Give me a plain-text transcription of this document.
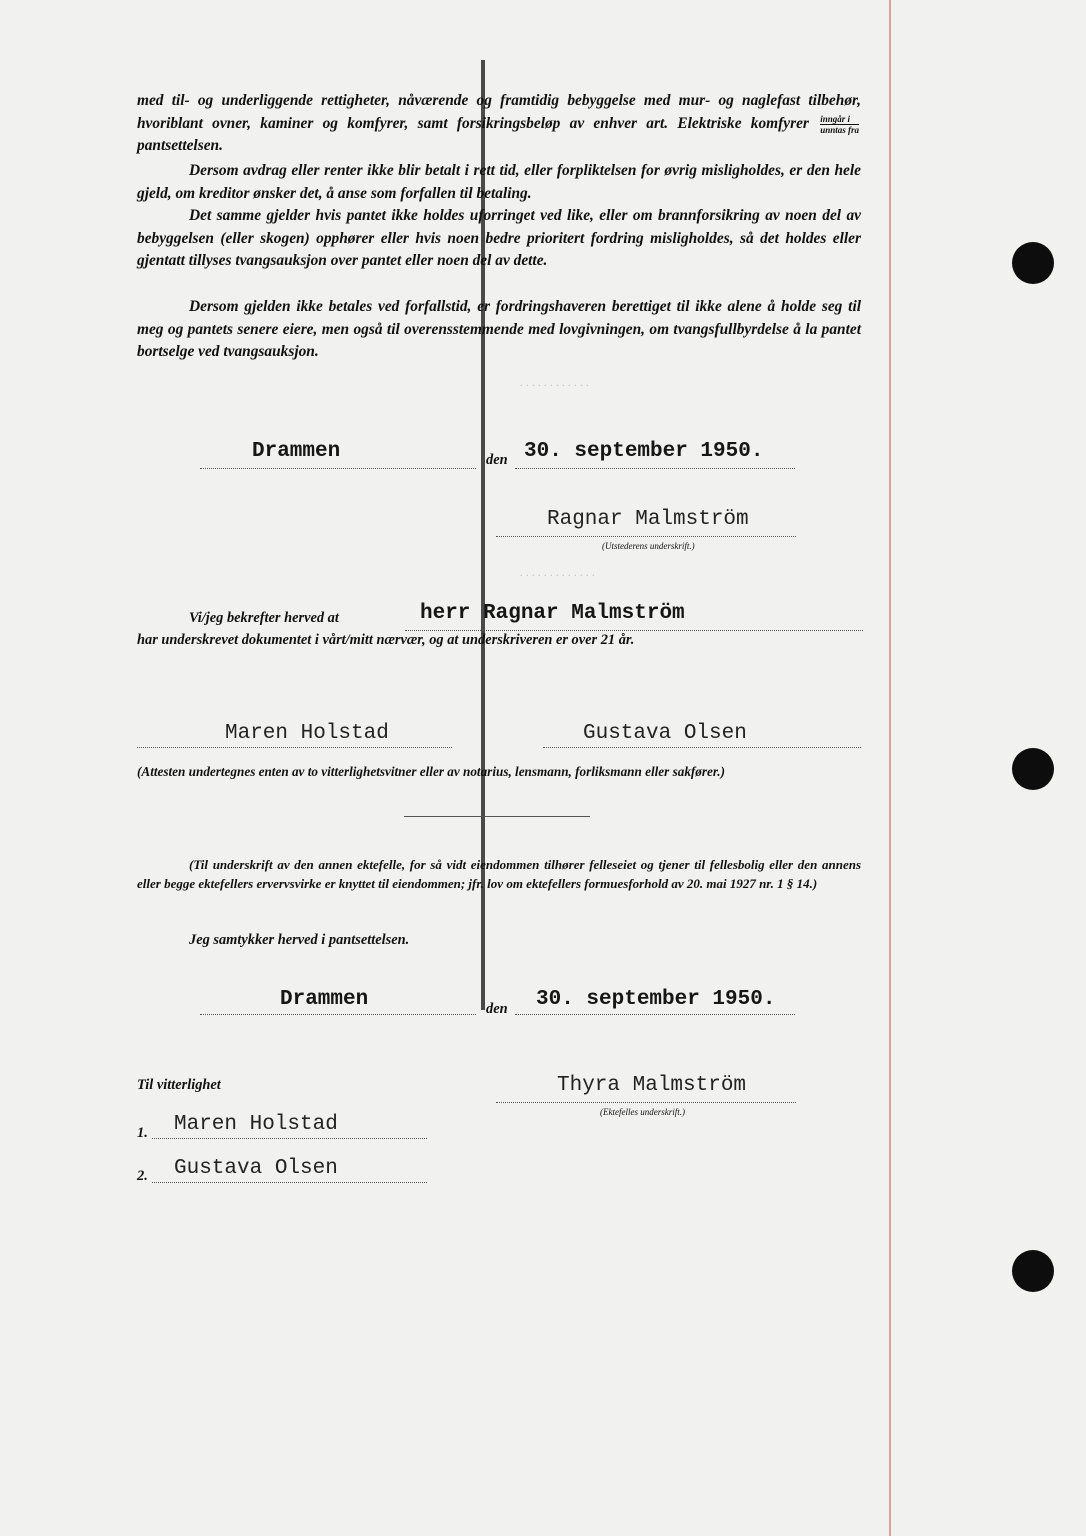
. . . . . . . . . . . .
. . . . . . . . . . . . .

med til- og underliggende rettigheter, nåværende og framtidig bebyggelse med mur- og naglefast tilbehør, hvoriblant ovner, kaminer og komfyrer, samt forsikringsbeløp av enhver art. Elektriske komfyrer $\frac{\text{inngår i}}{\text{unntas fra}}$
pantsettelsen.

Dersom avdrag eller renter ikke blir betalt i rett tid, eller forpliktelsen for øvrig misligholdes, er den hele gjeld, om kreditor ønsker det, å anse som forfallen til betaling.

Det samme gjelder hvis pantet ikke holdes uforringet ved like, eller om brannforsikring av noen del av bebyggelsen (eller skogen) opphører eller hvis noen bedre prioritert fordring misligholdes, så det holdes eller gjentatt tillyses tvangsauksjon over pantet eller noen del av dette.

Dersom gjelden ikke betales ved forfallstid, er fordringshaveren berettiget til ikke alene å holde seg til meg og pantets senere eiere, men også til overensstemmende med lovgivningen, om tvangsfullbyrdelse å la pantet bortselge ved tvangsauksjon.

Drammen	den 30. september 1950.
Ragnar Malmström
(Utstederens underskrift.)
Vi/jeg bekrefter herved at	herr Ragnar Malmström
har underskrevet dokumentet i vårt/mitt nærvær, og at underskriveren er over 21 år.
Maren Holstad	Gustava Olsen
(Attesten undertegnes enten av to vitterlighetsvitner eller av notarius, lensmann, forliksmann eller sakfører.)

(Til underskrift av den annen ektefelle, for så vidt eiendommen tilhører felleseiet og tjener til fellesbolig eller den annens eller begge ektefellers ervervsvirke er knyttet til eiendommen; jfr. lov om ektefellers formuesforhold av 20. mai 1927 nr. 1 § 14.)

Jeg samtykker herved i pantsettelsen.
Drammen	den 30. september 1950.
Til vitterlighet	Thyra Malmström
(Ektefelles underskrift.)
1. Maren Holstad
2. Gustava Olsen
